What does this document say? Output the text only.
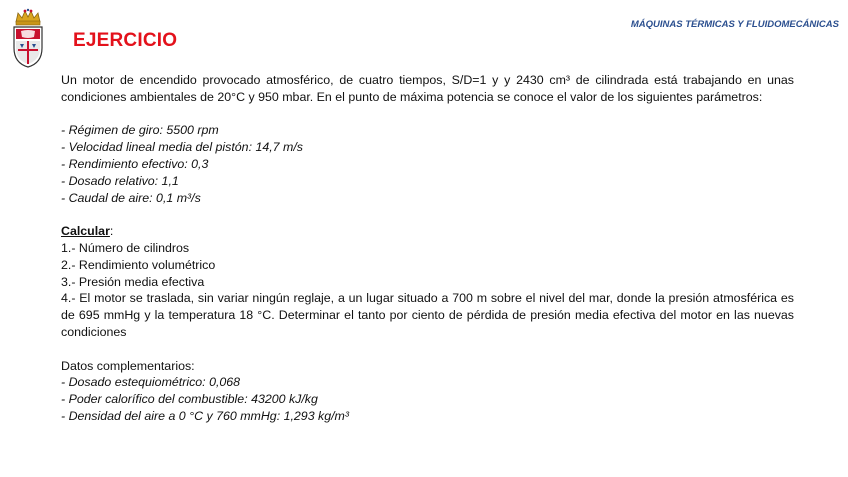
EJERCICIO
MÁQUINAS TÉRMICAS Y FLUIDOMECÁNICAS

Un motor de encendido provocado atmosférico, de cuatro tiempos, S/D=1 y y 2430 cm³ de cilindrada está trabajando en unas condiciones ambientales de 20°C y 950 mbar. En el punto de máxima potencia se conoce el valor de los siguientes parámetros:

- Régimen de giro: 5500 rpm
- Velocidad lineal media del pistón: 14,7 m/s
- Rendimiento efectivo: 0,3
- Dosado relativo: 1,1
- Caudal de aire: 0,1 m³/s
Calcular:
1.- Número de cilindros
2.- Rendimiento volumétrico
3.- Presión media efectiva

4.- El motor se traslada, sin variar ningún reglaje, a un lugar situado a 700 m sobre el nivel del mar, donde la presión atmosférica es de 695 mmHg y la temperatura 18 °C. Determinar el tanto por ciento de pérdida de presión media efectiva del motor en las nuevas condiciones

Datos complementarios:
- Dosado estequiométrico: 0,068
- Poder calorífico del combustible: 43200 kJ/kg
- Densidad del aire a 0 °C y 760 mmHg: 1,293 kg/m³
